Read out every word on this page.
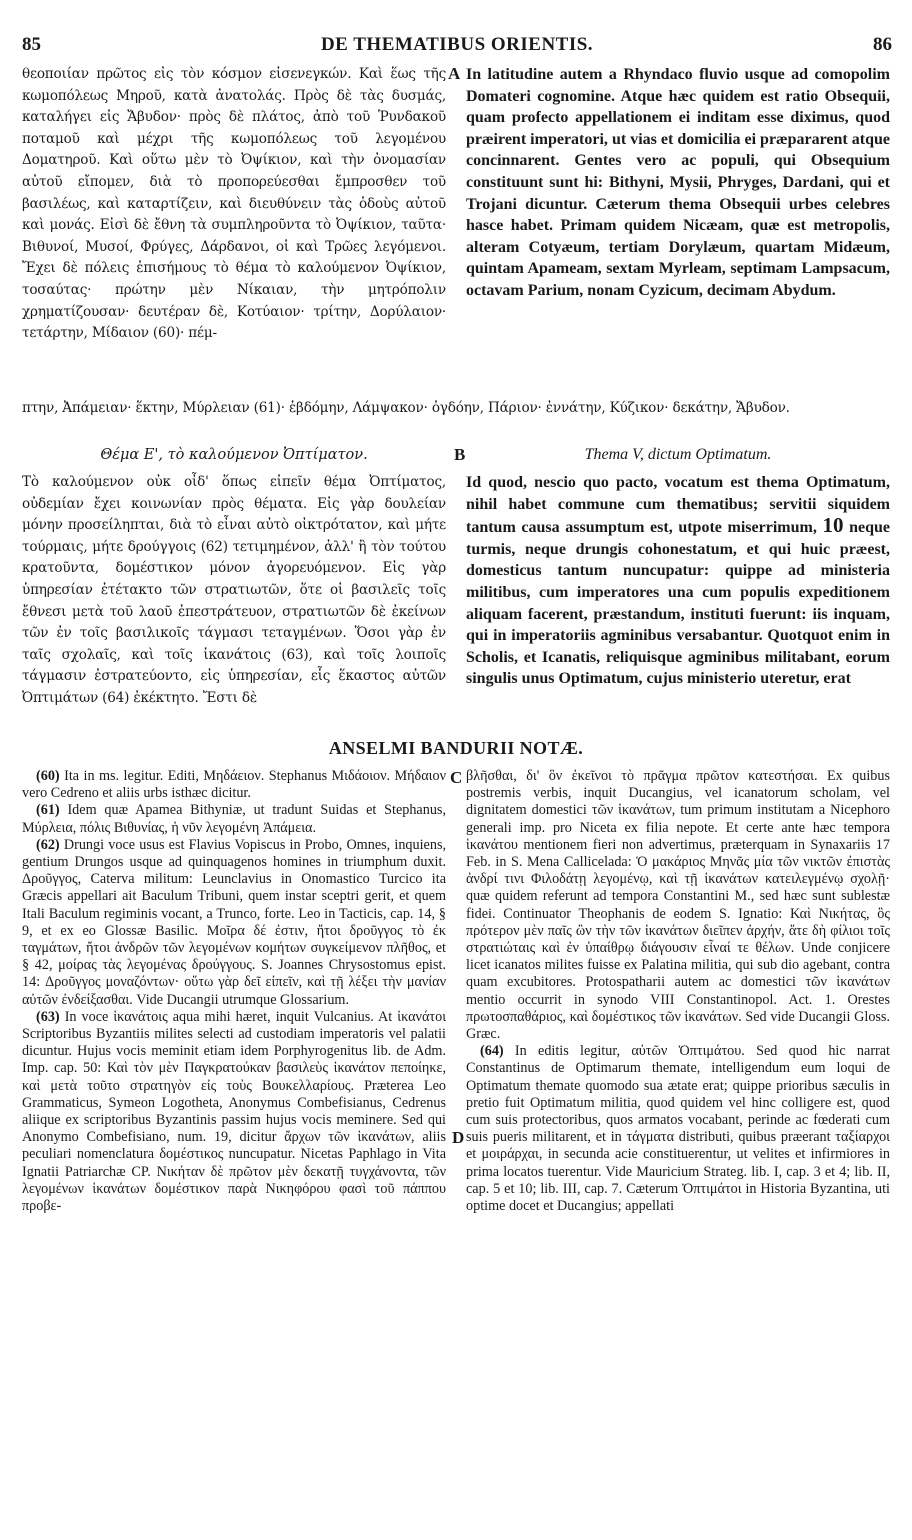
85	DE THEMATIBUS ORIENTIS.	86

θεοποιίαν πρῶτος εἰς τὸν κόσμον εἰσενεγκών. Καὶ ἕως τῆς κωμοπόλεως Μηροῦ, κατὰ ἀνατολάς. Πρὸς δὲ τὰς δυσμάς, καταλήγει εἰς Ἄβυδον· πρὸς δὲ πλάτος, ἀπὸ τοῦ Ῥυνδακοῦ ποταμοῦ καὶ μέχρι τῆς κωμοπόλεως τοῦ λεγομένου Δοματηροῦ. Καὶ οὕτω μὲν τὸ Ὀψίκιον, καὶ τὴν ὀνομασίαν αὐτοῦ εἴπομεν, διὰ τὸ προπορεύεσθαι ἔμπροσθεν τοῦ βασιλέως, καὶ καταρτίζειν, καὶ διευθύνειν τὰς ὁδοὺς αὐτοῦ καὶ μονάς. Εἰσὶ δὲ ἔθνη τὰ συμπληροῦντα τὸ Ὀψίκιον, ταῦτα· Βιθυνοί, Μυσοί, Φρύγες, Δάρδανοι, οἱ καὶ Τρῶες λεγόμενοι. Ἔχει δὲ πόλεις ἐπισήμους τὸ θέμα τὸ καλούμενον Ὀψίκιον, τοσαύτας· πρώτην μὲν Νίκαιαν, τὴν μητρόπολιν χρηματίζουσαν· δευτέραν δὲ, Κοτύαιον· τρίτην, Δορύλαιον· τετάρτην, Μίδαιον (60)· πέμ-

A In latitudine autem a Rhyndaco fluvio usque ad comopolim Domateri cognomine. Atque hæc quidem est ratio Obsequii, quam profecto appellationem ei inditam esse diximus, quod præirent imperatori, ut vias et domicilia ei præpararent atque concinnarent. Gentes vero ac populi, qui Obsequium constituunt sunt hi: Bithyni, Mysii, Phryges, Dardani, qui et Trojani dicuntur. Cæterum thema Obsequii urbes celebres hasce habet. Primam quidem Nicæam, quæ est metropolis, alteram Cotyæum, tertiam Dorylæum, quartam Midæum, quintam Apameam, sextam Myrleam, septimam Lampsacum, octavam Parium, nonam Cyzicum, decimam Abydum.

πτην, Ἀπάμειαν· ἕκτην, Μύρλειαν (61)· ἑβδόμην, Λάμψακον· ὀγδόην, Πάριον· ἐννάτην, Κύζικον· δεκάτην, Ἄβυδον.

Θέμα Ε', τὸ καλούμενον Ὀπτίματον.	B	Thema V, dictum Optimatum.

Τὸ καλούμενον οὐκ οἶδ' ὅπως εἰπεῖν θέμα Ὀπτίματος, οὐδεμίαν ἔχει κοινωνίαν πρὸς θέματα. Εἰς γὰρ δουλείαν μόνην προσείληπται, διὰ τὸ εἶναι αὐτὸ οἰκτρότατον, καὶ μήτε τούρμαις, μήτε δρούγγοις (62) τετιμημένον, ἀλλ' ἢ τὸν τούτου κρατοῦντα, δομέστικον μόνον ἀγορευόμενον. Εἰς γὰρ ὑπηρεσίαν ἐτέτακτο τῶν στρατιωτῶν, ὅτε οἱ βασιλεῖς τοῖς ἔθνεσι μετὰ τοῦ λαοῦ ἐπεστράτευον, στρατιωτῶν δὲ ἐκείνων τῶν ἐν τοῖς βασιλικοῖς τάγμασι τεταγμένων. Ὅσοι γὰρ ἐν ταῖς σχολαῖς, καὶ τοῖς ἱκανάτοις (63), καὶ τοῖς λοιποῖς τάγμασιν ἐστρατεύοντο, εἰς ὑπηρεσίαν, εἷς ἕκαστος αὐτῶν Ὀπτιμάτων (64) ἐκέκτητο. Ἔστι δὲ

Id quod, nescio quo pacto, vocatum est thema Optimatum, nihil habet commune cum thematibus; servitii siquidem tantum causa assumptum est, utpote miserrimum, 10 neque turmis, neque drungis cohonestatum, et qui huic præest, domesticus tantum nuncupatur: quippe ad ministeria militibus, cum imperatores una cum populis expeditionem aliquam facerent, præstandum, instituti fuerunt: iis inquam, qui in imperatoriis agminibus versabantur. Quotquot enim in Scholis, et Icanatis, reliquisque agminibus militabant, eorum singulis unus Optimatum, cujus ministerio uteretur, erat

ANSELMI BANDURII NOTÆ.

(60) Ita in ms. legitur. Editi, Μηδάειον. Stephanus Μιδάοιον. Μήδαιον vero Cedreno et aliis urbs isthæc dicitur.

(61) Idem quæ Apamea Bithyniæ, ut tradunt Suidas et Stephanus, Μύρλεια, πόλις Βιθυνίας, ἡ νῦν λεγομένη Ἀπάμεια.

(62) Drungi voce usus est Flavius Vopiscus in Probo, Omnes, inquiens, gentium Drungos usque ad quinquagenos homines in triumphum duxit. Δροῦγγος, Caterva militum: Leunclavius in Onomastico Turcico ita Græcis appellari ait Baculum Tribuni, quem instar sceptri gerit, et quem Itali Baculum regiminis vocant, a Trunco, forte. Leo in Tacticis, cap. 14, § 9, et ex eo Glossæ Basilic. Μοῖρα δέ ἐστιν, ἤτοι δροῦγγος τὸ ἐκ ταγμάτων, ἤτοι ἀνδρῶν τῶν λεγομένων κομήτων συγκείμενον πλῆθος, et § 42, μοίρας τὰς λεγομένας δρούγγους. S. Joannes Chrysostomus epist. 14: Δροῦγγος μοναζόντων· οὕτω γὰρ δεῖ εἰπεῖν, καὶ τῇ λέξει τὴν μανίαν αὐτῶν ἐνδείξασθαι. Vide Ducangii utrumque Glossarium.

(63) In voce ἱκανάτοις aqua mihi hæret, inquit Vulcanius. At ἱκανάτοι Scriptoribus Byzantiis milites selecti ad custodiam imperatoris vel palatii dicuntur. Hujus vocis meminit etiam idem Porphyrogenitus lib. de Adm. Imp. cap. 50: Καὶ τὸν μὲν Παγκρατούκαν βασιλεὺς ἱκανάτον πεποίηκε, καὶ μετὰ τοῦτο στρατηγὸν εἰς τοὺς Βουκελλαρίους. Præterea Leo Grammaticus, Symeon Logotheta, Anonymus Combefisianus, Cedrenus aliique ex scriptoribus Byzantinis passim hujus vocis meminere. Sed qui Anonymo Combefisiano, num. 19, dicitur ἄρχων τῶν ἱκανάτων, aliis peculiari nomenclatura δομέστικος nuncupatur. Nicetas Paphlago in Vita Ignatii Patriarchæ CP. Νικήταν δὲ πρῶτον μὲν δεκατῇ τυγχάνοντα, τῶν λεγομένων ἱκανάτων δομέστικον παρὰ Νικηφόρου φασὶ τοῦ πάππου προβε-

C
D

βλῆσθαι, δι' ὃν ἐκεῖνοι τὸ πρᾶγμα πρῶτον κατεστήσαι. Ex quibus postremis verbis, inquit Ducangius, vel icanatorum scholam, vel dignitatem domestici τῶν ἱκανάτων, tum primum institutam a Nicephoro generali imp. pro Niceta ex filia nepote. Et certe ante hæc tempora ἱκανάτου mentionem fieri non advertimus, præterquam in Synaxariis 17 Feb. in S. Mena Callicelada: Ὁ μακάριος Μηνᾶς μία τῶν νικτῶν ἐπιστὰς ἀνδρί τινι Φιλοδάτῃ λεγομένῳ, καὶ τῇ ἱκανάτων κατειλεγμένῳ σχολῇ· quæ quidem referunt ad tempora Constantini M., sed hæc sunt sublestæ fidei. Continuator Theophanis de eodem S. Ignatio: Καὶ Νικήτας, ὃς πρότερον μὲν παῖς ὢν τὴν τῶν ἱκανάτων διεῖπεν ἀρχήν, ἅτε δὴ φίλιοι τοῖς στρατιώταις καὶ ἐν ὑπαίθρῳ διάγουσιν εἶναί τε θέλων. Unde conjicere licet icanatos milites fuisse ex Palatina militia, qui sub dio agebant, contra quam excubitores. Protospatharii autem ac domestici τῶν ἱκανάτων mentio occurrit in synodo VIII Constantinopol. Act. 1. Orestes πρωτοσπαθάριος, καὶ δομέστικος τῶν ἱκανάτων. Sed vide Ducangii Gloss. Græc.

(64) In editis legitur, αὐτῶν Ὀπτιμάτου. Sed quod hic narrat Constantinus de Optimarum themate, intelligendum eum loqui de Optimatum themate quomodo sua ætate erat; quippe prioribus sæculis in pretio fuit Optimatum militia, quod quidem vel hinc colligere est, quod cum suis protectoribus, quos armatos vocabant, perinde ac fœderati cum suis pueris militarent, et in τάγματα distributi, quibus præerant ταξίαρχοι et μοιράρχαι, in secunda acie constituerentur, ut velites et infirmiores in prima locatos tuerentur. Vide Mauricium Strateg. lib. I, cap. 3 et 4; lib. II, cap. 5 et 10; lib. III, cap. 7. Cæterum Ὀπτιμάτοι in Historia Byzantina, uti optime docet et Ducangius; appellati
